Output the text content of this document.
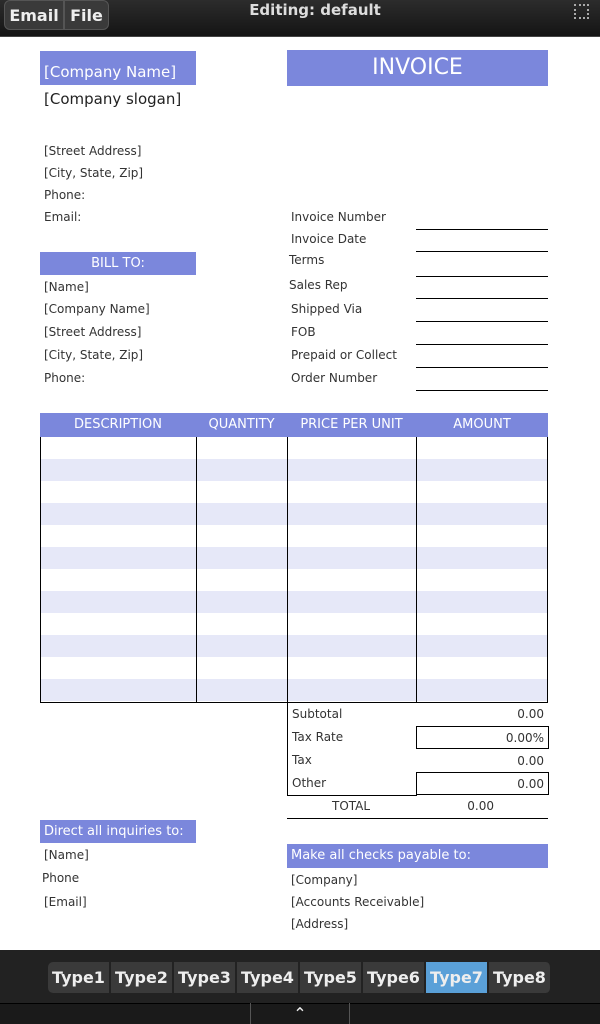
Email File	Editing: default
[Company Name]
[Company slogan]
[Street Address]
[City, State, Zip]
Phone:
Email:
INVOICE
BILL TO:
[Name]
[Company Name]
[Street Address]
[City, State, Zip]
Phone:
Invoice Number
Invoice Date
Terms
Sales Rep
Shipped Via
FOB
Prepaid or Collect
Order Number
DESCRIPTION	QUANTITY	PRICE PER UNIT	AMOUNT
Subtotal	0.00
Tax Rate	0.00%
Tax	0.00
Other	0.00
TOTAL	0.00
Direct all inquiries to:
[Name]
Phone
[Email]
Make all checks payable to:
[Company]
[Accounts Receivable]
[Address]
⌃
Type1 Type2 Type3 Type4 Type5 Type6 Type7 Type8
